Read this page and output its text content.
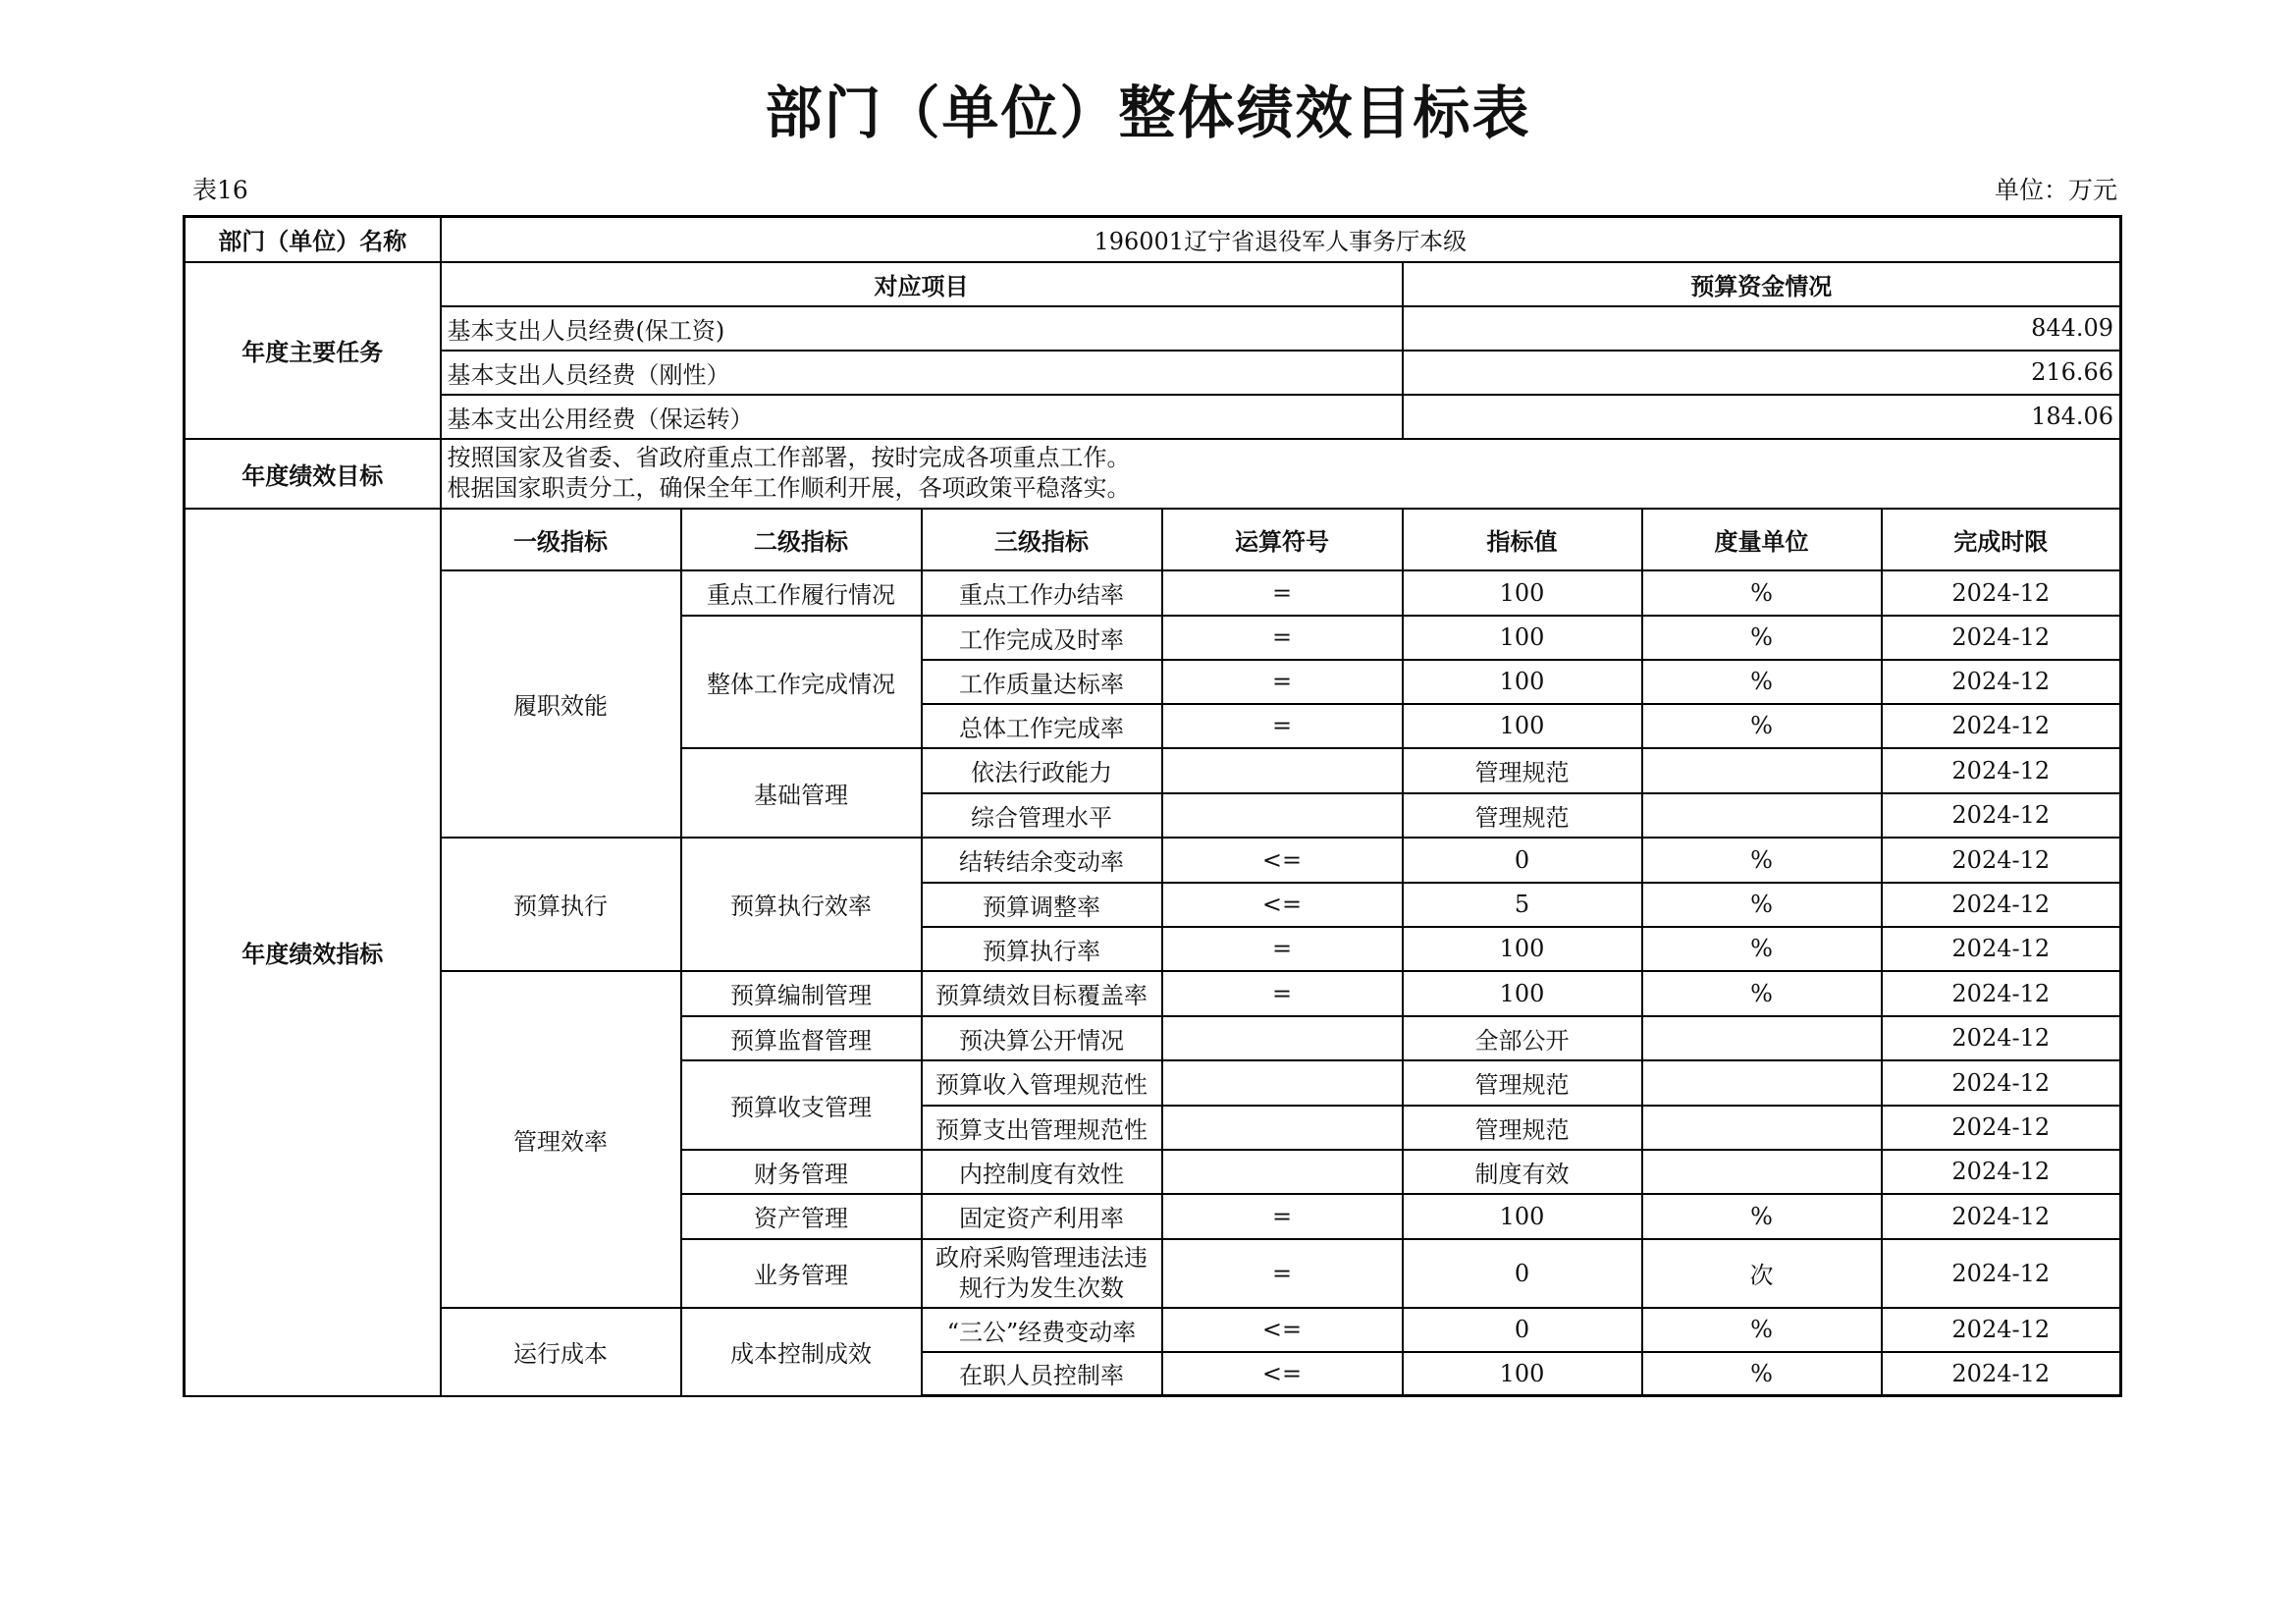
部门（单位）整体绩效目标表
表16	单位：万元
部门（单位）名称	196001辽宁省退役军人事务厅本级						
年度主要任务	对应项目				预算资金情况		
	基本支出人员经费(保工资)				844.09		
	基本支出人员经费（刚性）				216.66		
	基本支出公用经费（保运转）				184.06		
年度绩效目标	按照国家及省委、省政府重点工作部署，按时完成各项重点工作。
根据国家职责分工，确保全年工作顺利开展，各项政策平稳落实。						

年度绩效指标	一级指标	二级指标	三级指标	运算符号	指标值	度量单位	完成时限
	履职效能	重点工作履行情况	重点工作办结率	=	100	%	2024-12
		整体工作完成情况	工作完成及时率	=	100	%	2024-12
			工作质量达标率	=	100	%	2024-12
			总体工作完成率	=	100	%	2024-12
		基础管理	依法行政能力		管理规范		2024-12
			综合管理水平		管理规范		2024-12
	预算执行	预算执行效率	结转结余变动率	<=	0	%	2024-12
			预算调整率	<=	5	%	2024-12
			预算执行率	=	100	%	2024-12
	管理效率	预算编制管理	预算绩效目标覆盖率	=	100	%	2024-12
		预算监督管理	预决算公开情况		全部公开		2024-12
		预算收支管理	预算收入管理规范性		管理规范		2024-12
			预算支出管理规范性		管理规范		2024-12
		财务管理	内控制度有效性		制度有效		2024-12
		资产管理	固定资产利用率	=	100	%	2024-12
		业务管理	政府采购管理违法违规行为发生次数	=	0	次	2024-12
	运行成本	成本控制成效	“三公”经费变动率	<=	0	%	2024-12
			在职人员控制率	<=	100	%	2024-12
